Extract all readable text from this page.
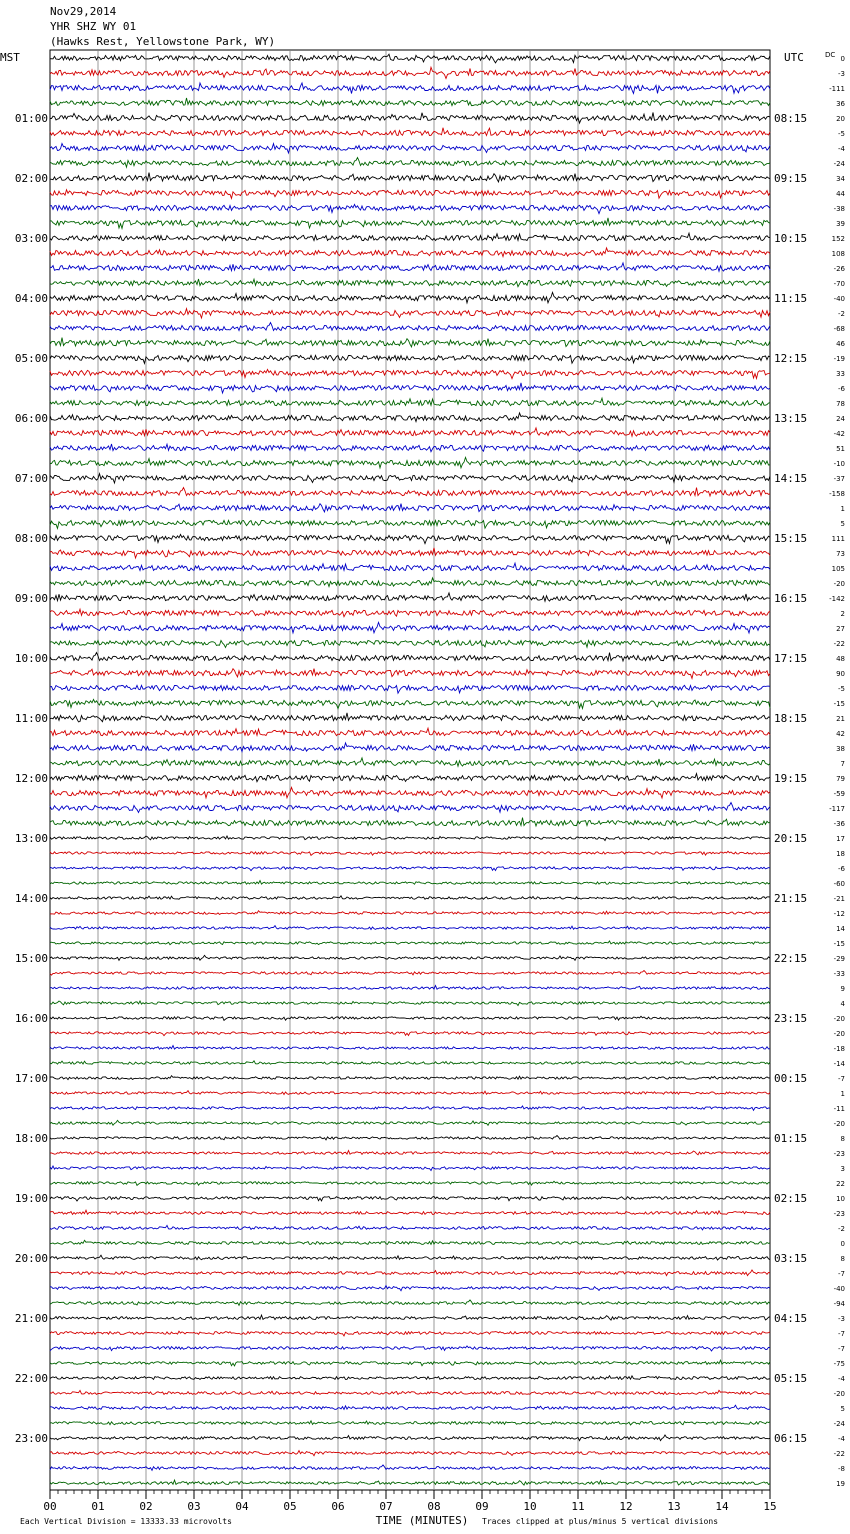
Nov29,2014
YHR SHZ WY 01
(Hawks Rest, Yellowstone Park, WY)
0
-3
-111
36
20
-5
-4
-24
34
44
-38
39
152
108
-26
-70
-40
-2
-68
46
-19
33
-6
78
24
-42
51
-10
-37
-158
1
5
111
73
105
-20
-142
2
27
-22
48
90
-5
-15
21
42
38
7
79
-59
-117
-36
17
18
-6
-60
-21
-12
14
-15
-29
-33
9
4
-20
-20
-18
-14
-7
1
-11
-20
8
-23
3
22
10
-23
-2
0
8
-7
-40
-94
-3
-7
-7
-75
-4
-20
5
-24
-4
-22
-8
19
MST	UTC	DC
01:00
02:00
03:00
04:00
05:00
06:00
07:00
08:00
09:00
10:00
11:00
12:00
13:00
14:00
15:00
16:00
17:00
18:00
19:00
20:00
21:00
22:00
23:00
08:15
09:15
10:15
11:15
12:15
13:15
14:15
15:15
16:15
17:15
18:15
19:15
20:15
21:15
22:15
23:15
00:15
01:15
02:15
03:15
04:15
05:15
06:15
00	01	02	03	04	05	06	07	08	09	10	11	12	13	14	15
Each Vertical Division = 13333.33 microvolts	TIME (MINUTES) Traces clipped at plus/minus 5 vertical divisions
